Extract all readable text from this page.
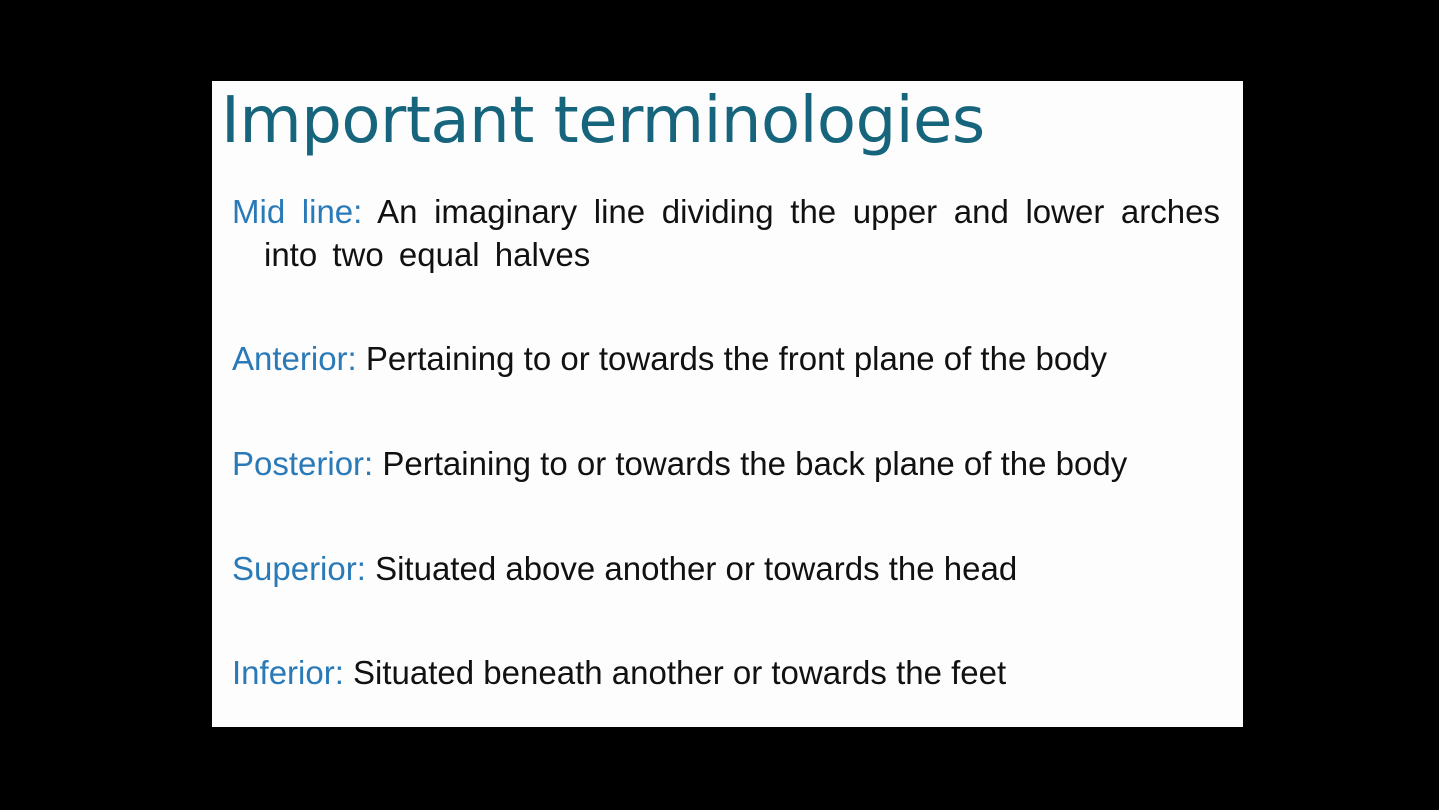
Important terminologies

Mid line: An imaginary line dividing the upper and lower arches into two equal halves

Anterior: Pertaining to or towards the front plane of the body

Posterior: Pertaining to or towards the back plane of the body

Superior: Situated above another or towards the head

Inferior: Situated beneath another or towards the feet
